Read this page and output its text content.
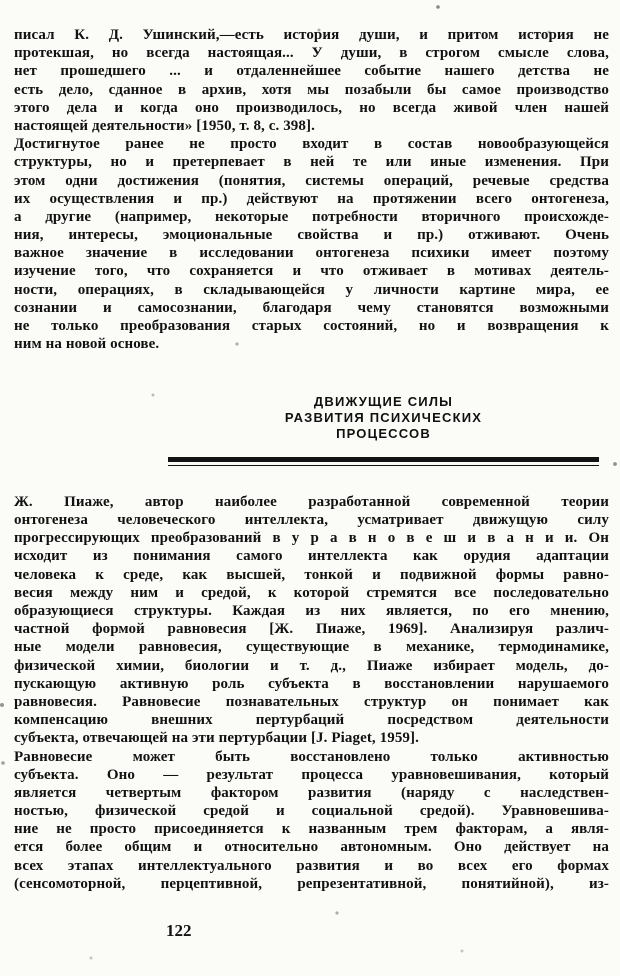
писал К. Д. Ушинский,—есть история души, и притом история не
протекшая, но всегда настоящая... У души, в строгом смысле слова,
нет прошедшего ... и отдаленнейшее событие нашего детства не
есть дело, сданное в архив, хотя мы позабыли бы самое производство
этого дела и когда оно производилось, но всегда живой член нашей
настоящей деятельности» [1950, т. 8, с. 398].
Достигнутое ранее не просто входит в состав новообразующейся
структуры, но и претерпевает в ней те или иные изменения. При
этом одни достижения (понятия, системы операций, речевые средства
их осуществления и пр.) действуют на протяжении всего онтогенеза,
а другие (например, некоторые потребности вторичного происхожде-
ния, интересы, эмоциональные свойства и пр.) отживают. Очень
важное значение в исследовании онтогенеза психики имеет поэтому
изучение того, что сохраняется и что отживает в мотивах деятель-
ности, операциях, в складывающейся у личности картине мира, ее
сознании и самосознании, благодаря чему становятся возможными
не только преобразования старых состояний, но и возвращения к
ним на новой основе.
ДВИЖУЩИЕ СИЛЫ
РАЗВИТИЯ ПСИХИЧЕСКИХ
ПРОЦЕССОВ
Ж. Пиаже, автор наиболее разработанной современной теории
онтогенеза человеческого интеллекта, усматривает движущую силу
прогрессирующих преобразований в у р а в н о в е ш и в а н и и. Он
исходит из понимания самого интеллекта как орудия адаптации
человека к среде, как высшей, тонкой и подвижной формы равно-
весия между ним и средой, к которой стремятся все последовательно
образующиеся структуры. Каждая из них является, по его мнению,
частной формой равновесия [Ж. Пиаже, 1969]. Анализируя различ-
ные модели равновесия, существующие в механике, термодинамике,
физической химии, биологии и т. д., Пиаже избирает модель, до-
пускающую активную роль субъекта в восстановлении нарушаемого
равновесия. Равновесие познавательных структур он понимает как
компенсацию внешних пертурбаций посредством деятельности
субъекта, отвечающей на эти пертурбации [J. Piaget, 1959].
Равновесие может быть восстановлено только активностью
субъекта. Оно — результат процесса уравновешивания, который
является четвертым фактором развития (наряду с наследствен-
ностью, физической средой и социальной средой). Уравновешива-
ние не просто присоединяется к названным трем факторам, а явля-
ется более общим и относительно автономным. Оно действует на
всех этапах интеллектуального развития и во всех его формах
(сенсомоторной, перцептивной, репрезентативной, понятийной), из-
122
